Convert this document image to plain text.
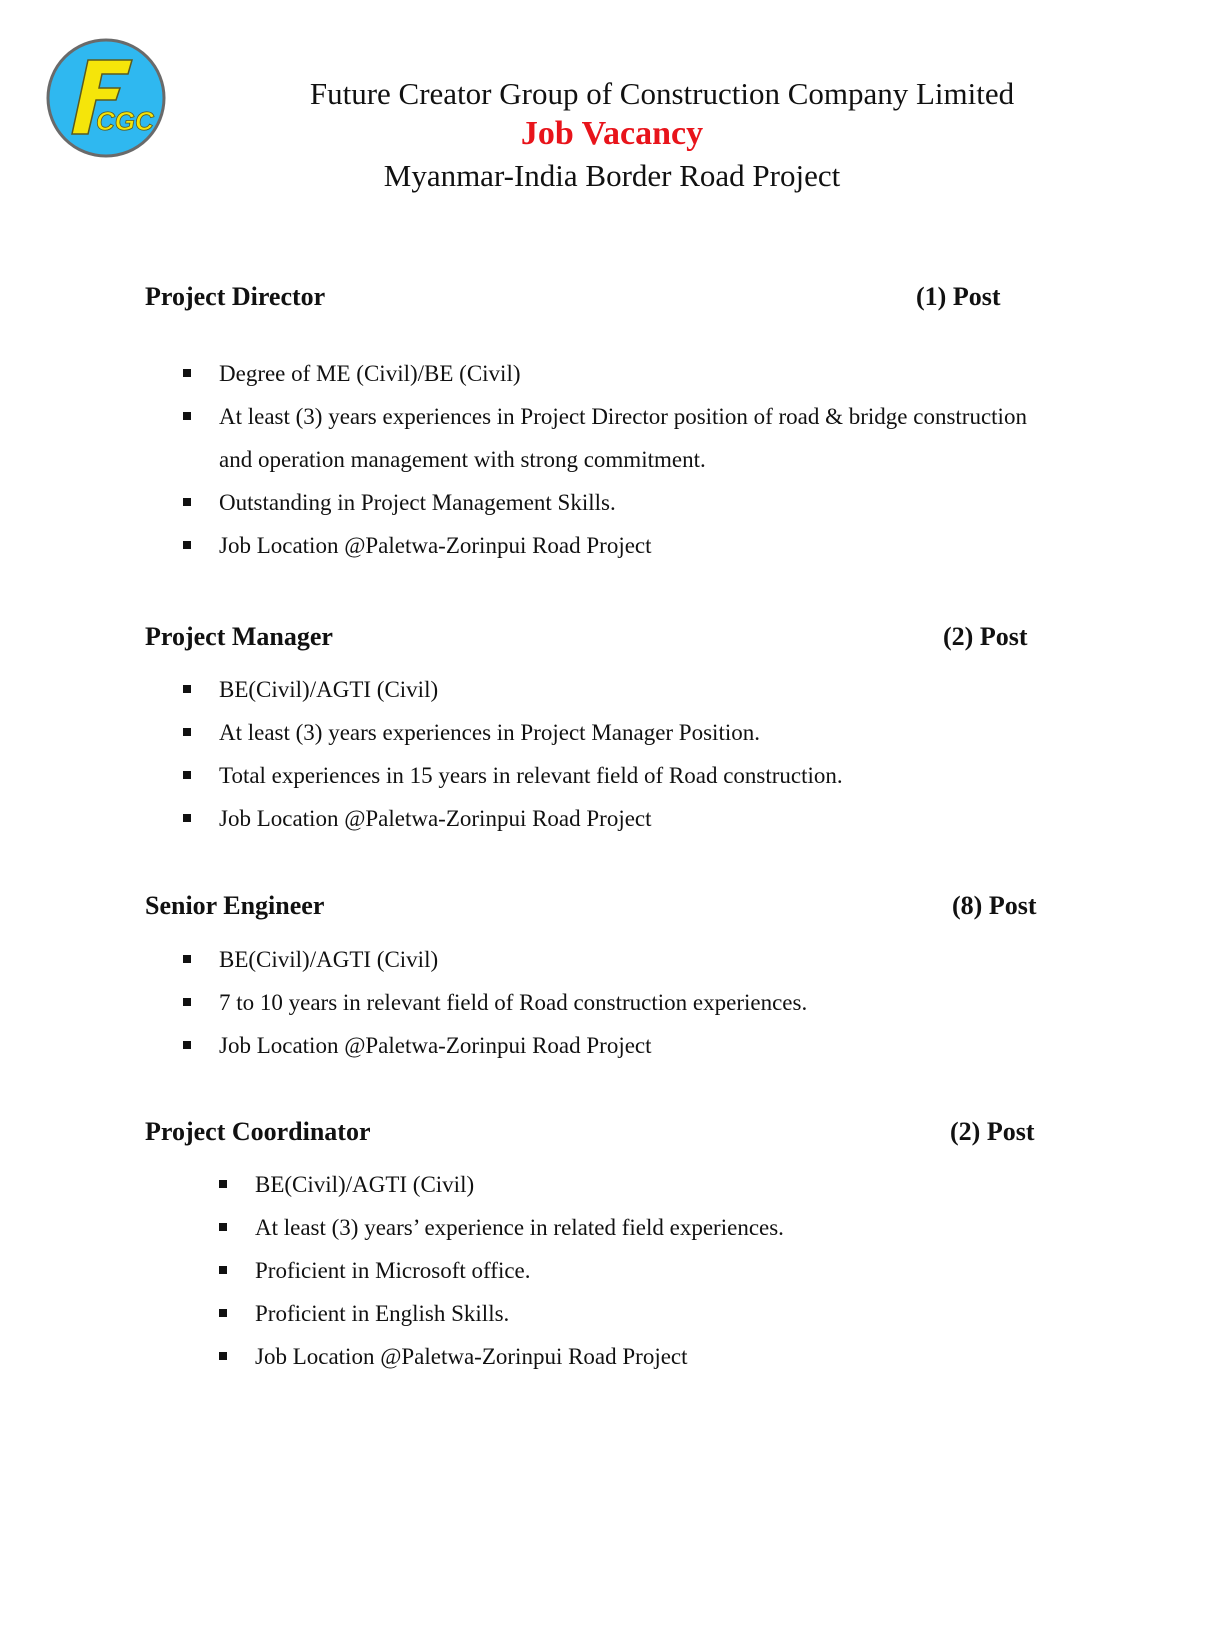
CGC
Future Creator Group of Construction Company Limited
Job Vacancy
Myanmar-India Border Road Project
Project Director	(1) Post
Degree of ME (Civil)/BE (Civil)
At least (3) years experiences in Project Director position of road & bridge construction
and operation management with strong commitment.
Outstanding in Project Management Skills.
Job Location @Paletwa-Zorinpui Road Project
Project Manager	(2) Post
BE(Civil)/AGTI (Civil)
At least (3) years experiences in Project Manager Position.
Total experiences in 15 years in relevant field of Road construction.
Job Location @Paletwa-Zorinpui Road Project
Senior Engineer	(8) Post
BE(Civil)/AGTI (Civil)
7 to 10 years in relevant field of Road construction experiences.
Job Location @Paletwa-Zorinpui Road Project
Project Coordinator	(2) Post
BE(Civil)/AGTI (Civil)
At least (3) years’ experience in related field experiences.
Proficient in Microsoft office.
Proficient in English Skills.
Job Location @Paletwa-Zorinpui Road Project
